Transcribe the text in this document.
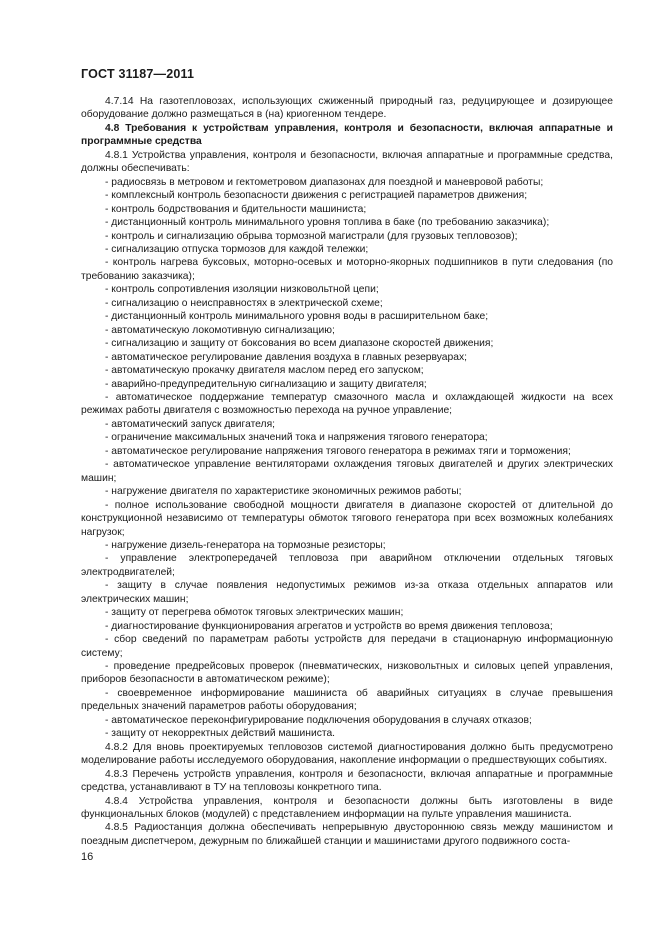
ГОСТ 31187—2011

4.7.14 На газотепловозах, использующих сжиженный природный газ, редуцирующее и дозирующее оборудование должно размещаться в (на) криогенном тендере.

4.8 Требования к устройствам управления, контроля и безопасности, включая аппаратные и программные средства

4.8.1 Устройства управления, контроля и безопасности, включая аппаратные и программные средства, должны обеспечивать:

- радиосвязь в метровом и гектометровом диапазонах для поездной и маневровой работы;

- комплексный контроль безопасности движения с регистрацией параметров движения;

- контроль бодрствования и бдительности машиниста;

- дистанционный контроль минимального уровня топлива в баке (по требованию заказчика);

- контроль и сигнализацию обрыва тормозной магистрали (для грузовых тепловозов);

- сигнализацию отпуска тормозов для каждой тележки;

- контроль нагрева буксовых, моторно-осевых и моторно-якорных подшипников в пути следования (по требованию заказчика);

- контроль сопротивления изоляции низковольтной цепи;

- сигнализацию о неисправностях в электрической схеме;

- дистанционный контроль минимального уровня воды в расширительном баке;

- автоматическую локомотивную сигнализацию;

- сигнализацию и защиту от боксования во всем диапазоне скоростей движения;

- автоматическое регулирование давления воздуха в главных резервуарах;

- автоматическую прокачку двигателя маслом перед его запуском;

- аварийно-предупредительную сигнализацию и защиту двигателя;

- автоматическое поддержание температур смазочного масла и охлаждающей жидкости на всех режимах работы двигателя с возможностью перехода на ручное управление;

- автоматический запуск двигателя;

- ограничение максимальных значений тока и напряжения тягового генератора;

- автоматическое регулирование напряжения тягового генератора в режимах тяги и торможения;

- автоматическое управление вентиляторами охлаждения тяговых двигателей и других электрических машин;

- нагружение двигателя по характеристике экономичных режимов работы;

- полное использование свободной мощности двигателя в диапазоне скоростей от длительной до конструкционной независимо от температуры обмоток тягового генератора при всех возможных колебаниях нагрузок;

- нагружение дизель-генератора на тормозные резисторы;

- управление электропередачей тепловоза при аварийном отключении отдельных тяговых электродвигателей;

- защиту в случае появления недопустимых режимов из-за отказа отдельных аппаратов или электрических машин;

- защиту от перегрева обмоток тяговых электрических машин;

- диагностирование функционирования агрегатов и устройств во время движения тепловоза;

- сбор сведений по параметрам работы устройств для передачи в стационарную информационную систему;

- проведение предрейсовых проверок (пневматических, низковольтных и силовых цепей управления, приборов безопасности в автоматическом режиме);

- своевременное информирование машиниста об аварийных ситуациях в случае превышения предельных значений параметров работы оборудования;

- автоматическое переконфигурирование подключения оборудования в случаях отказов;

- защиту от некорректных действий машиниста.

4.8.2 Для вновь проектируемых тепловозов системой диагностирования должно быть предусмотрено моделирование работы исследуемого оборудования, накопление информации о предшествующих событиях.

4.8.3 Перечень устройств управления, контроля и безопасности, включая аппаратные и программные средства, устанавливают в ТУ на тепловозы конкретного типа.

4.8.4 Устройства управления, контроля и безопасности должны быть изготовлены в виде функциональных блоков (модулей) с представлением информации на пульте управления машиниста.

4.8.5 Радиостанция должна обеспечивать непрерывную двустороннюю связь между машинистом и поездным диспетчером, дежурным по ближайшей станции и машинистами другого подвижного соста-

16
